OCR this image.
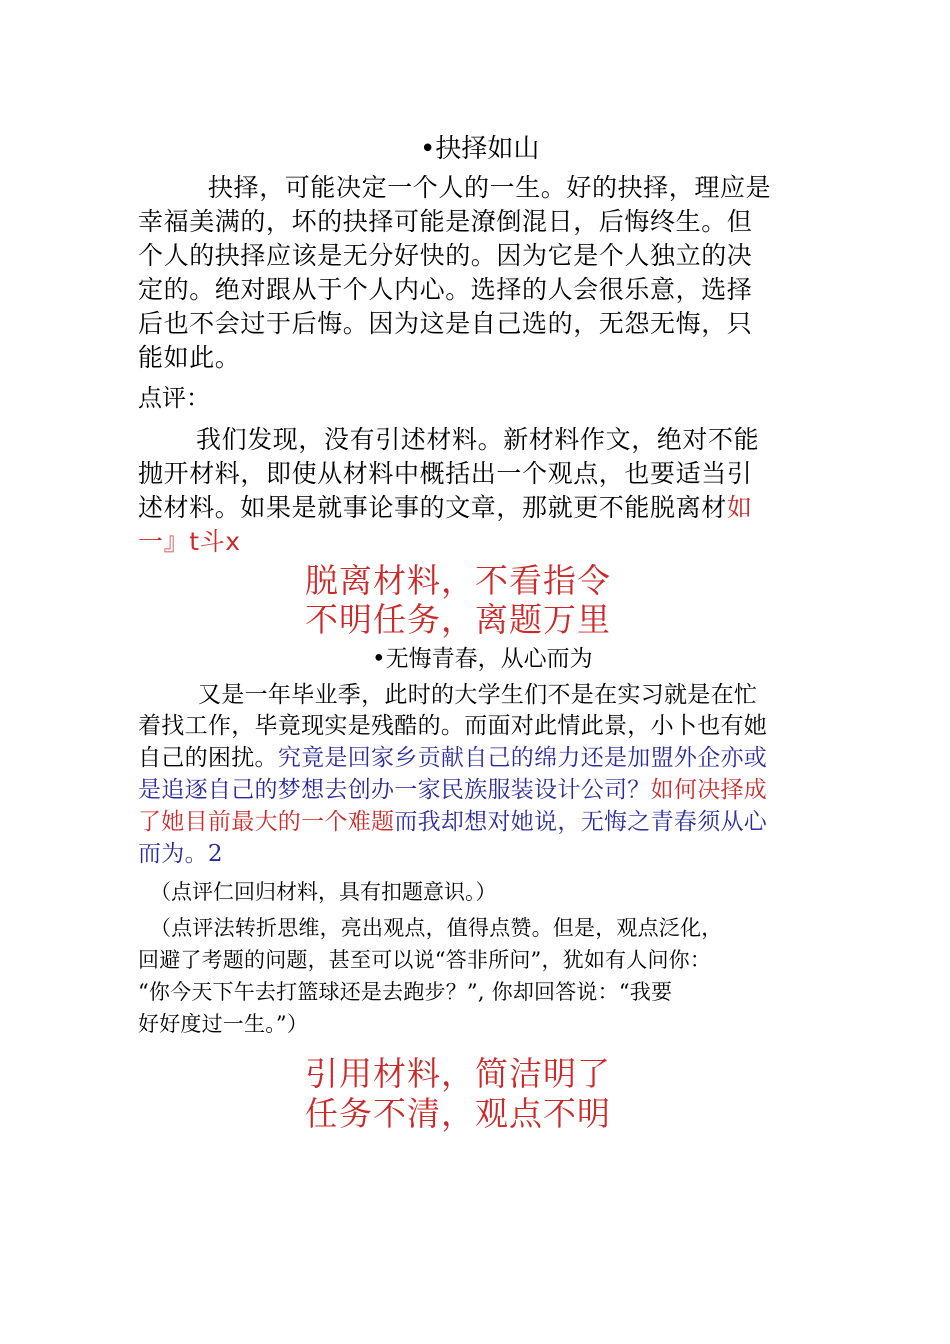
•抉择如山
抉择，可能决定一个人的一生。好的抉择，理应是
幸福美满的，坏的抉择可能是潦倒混日，后悔终生。但
个人的抉择应该是无分好快的。因为它是个人独立的决
定的。绝对跟从于个人内心。选择的人会很乐意，选择
后也不会过于后悔。因为这是自己选的，无怨无悔，只
能如此。
点评：
我们发现，没有引述材料。新材料作文，绝对不能
抛开材料，即使从材料中概括出一个观点，也要适当引
述材料。如果是就事论事的文章，那就更不能脱离材如
一』t斗x
脱离材料，不看指令
不明任务，离题万里
•无悔青春，从心而为
又是一年毕业季，此时的大学生们不是在实习就是在忙
着找工作，毕竟现实是残酷的。而面对此情此景，小卜也有她
自己的困扰。究竟是回家乡贡献自己的绵力还是加盟外企亦或
是追逐自己的梦想去创办一家民族服装设计公司？如何决择成
了她目前最大的一个难题而我却想对她说，无悔之青春须从心
而为。2
（点评仁回归材料，具有扣题意识。）
（点评法转折思维，亮出观点，值得点赞。但是，观点泛化，
回避了考题的问题，甚至可以说“答非所问”，犹如有人问你：
“你今天下午去打篮球还是去跑步？”, 你却回答说：“我要
好好度过一生。”）
引用材料，简洁明了
任务不清，观点不明
